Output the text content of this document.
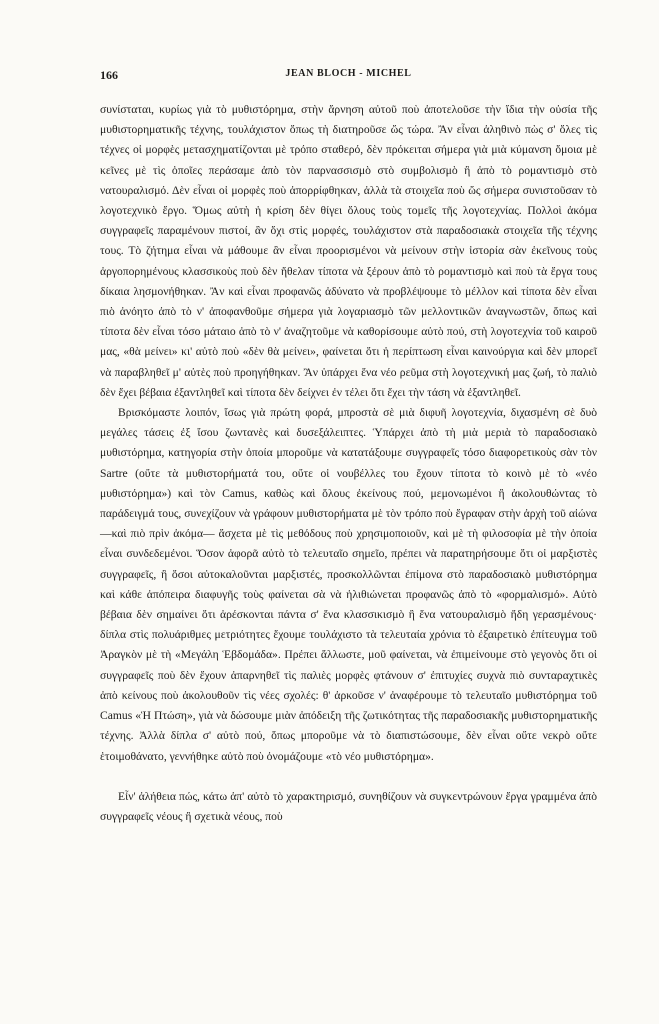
166	JEAN BLOCH - MICHEL

συνίσταται, κυρίως γιὰ τὸ μυθιστόρημα, στὴν ἄρνηση αὐτοῦ ποὺ ἀποτελοῦσε τὴν ἴδια τὴν οὐσία τῆς μυθιστορηματικῆς τέχνης, τουλάχιστον ὅπως τὴ διατηροῦσε ὥς τώρα. Ἂν εἶναι ἀληθινὸ πὼς σ' ὅλες τὶς τέχνες οἱ μορφὲς μετασχηματίζονται μὲ τρόπο σταθερό, δὲν πρόκειται σήμερα γιὰ μιὰ κύμανση ὅμοια μὲ κεῖνες μὲ τὶς ὁποῖες περάσαμε ἀπὸ τὸν παρνασσισμὸ στὸ συμβολισμὸ ἢ ἀπὸ τὸ ρομαντισμὸ στὸ νατουραλισμό. Δὲν εἶναι οἱ μορφὲς ποὺ ἀπορρίφθηκαν, ἀλλὰ τὰ στοιχεῖα ποὺ ὥς σήμερα συνιστοῦσαν τὸ λογοτεχνικὸ ἔργο. Ὅμως αὐτὴ ἡ κρίση δὲν θίγει ὅλους τοὺς τομεῖς τῆς λογοτεχνίας. Πολλοὶ ἀκόμα συγγραφεῖς παραμένουν πιστοί, ἂν ὄχι στὶς μορφές, τουλάχιστον στὰ παραδοσιακὰ στοιχεῖα τῆς τέχνης τους. Τὸ ζήτημα εἶναι νὰ μάθουμε ἂν εἶναι προορισμένοι νὰ μείνουν στὴν ἱστορία σὰν ἐκεῖνους τοὺς ἀργοπορημένους κλασσικοὺς ποὺ δὲν ἤθελαν τίποτα νὰ ξέρουν ἀπὸ τὸ ρομαντισμὸ καὶ ποὺ τὰ ἔργα τους δίκαια λησμονήθηκαν. Ἂν καὶ εἶναι προφανῶς ἀδύνατο νὰ προβλέψουμε τὸ μέλλον καὶ τίποτα δὲν εἶναι πιὸ ἀνόητο ἀπὸ τὸ ν' ἀποφανθοῦμε σήμερα γιὰ λογαριασμὸ τῶν μελλοντικῶν ἀναγνωστῶν, ὅπως καὶ τίποτα δὲν εἶναι τόσο μάταιο ἀπὸ τὸ ν' ἀναζητοῦμε νὰ καθορίσουμε αὐτὸ πού, στὴ λογοτεχνία τοῦ καιροῦ μας, «θὰ μείνει» κι' αὐτὸ ποὺ «δὲν θὰ μείνει», φαίνεται ὅτι ἡ περίπτωση εἶναι καινούργια καὶ δὲν μπορεῖ νὰ παραβληθεῖ μ' αὐτὲς ποὺ προηγήθηκαν. Ἂν ὑπάρχει ἕνα νέο ρεῦμα στὴ λογοτεχνική μας ζωή, τὸ παλιὸ δὲν ἔχει βέβαια ἐξαντληθεῖ καὶ τίποτα δὲν δείχνει ἐν τέλει ὅτι ἔχει τὴν τάση νὰ ἐξαντληθεῖ.

Βρισκόμαστε λοιπόν, ἴσως γιὰ πρώτη φορά, μπροστὰ σὲ μιὰ διφυῆ λογοτεχνία, διχασμένη σὲ δυὸ μεγάλες τάσεις ἐξ ἴσου ζωντανὲς καὶ δυσεξάλειπτες. Ὑπάρχει ἀπὸ τὴ μιὰ μεριὰ τὸ παραδοσιακὸ μυθιστόρημα, κατηγορία στὴν ὁποία μποροῦμε νὰ κατατάξουμε συγγραφεῖς τόσο διαφορετικοὺς σὰν τὸν Sartre (οὔτε τὰ μυθιστορήματά του, οὔτε οἱ νουβέλλες του ἔχουν τίποτα τὸ κοινὸ μὲ τὸ «νέο μυθιστόρημα») καὶ τὸν Camus, καθὼς καὶ ὅλους ἐκείνους πού, μεμονωμένοι ἢ ἀκολουθώντας τὸ παράδειγμά τους, συνεχίζουν νὰ γράφουν μυθιστορήματα μὲ τὸν τρόπο ποὺ ἔγραφαν στὴν ἀρχὴ τοῦ αἰώνα —καὶ πιὸ πρὶν ἀκόμα— ἄσχετα μὲ τὶς μεθόδους ποὺ χρησιμοποιοῦν, καὶ μὲ τὴ φιλοσοφία μὲ τὴν ὁποία εἶναι συνδεδεμένοι. Ὅσον ἀφορᾶ αὐτὸ τὸ τελευταῖο σημεῖο, πρέπει νὰ παρατηρήσουμε ὅτι οἱ μαρξιστὲς συγγραφεῖς, ἢ ὅσοι αὐτοκαλοῦνται μαρξιστές, προσκολλῶνται ἐπίμονα στὸ παραδοσιακὸ μυθιστόρημα καὶ κάθε ἀπόπειρα διαφυγῆς τοὺς φαίνεται σὰ νὰ ἠλιθιώνεται προφανῶς ἀπὸ τὸ «φορμαλισμό». Αὐτὸ βέβαια δὲν σημαίνει ὅτι ἀρέσκονται πάντα σ' ἕνα κλασσικισμὸ ἢ ἕνα νατουραλισμὸ ἤδη γερασμένους· δίπλα στὶς πολυάριθμες μετριότητες ἔχουμε τουλάχιστο τὰ τελευταία χρόνια τὸ ἐξαιρετικὸ ἐπίτευγμα τοῦ Ἀραγκὸν μὲ τὴ «Μεγάλη Ἑβδομάδα». Πρέπει ἄλλωστε, μοῦ φαίνεται, νὰ ἐπιμείνουμε στὸ γεγονὸς ὅτι οἱ συγγραφεῖς ποὺ δὲν ἔχουν ἀπαρνηθεῖ τὶς παλιὲς μορφὲς φτάνουν σ' ἐπιτυχίες συχνὰ πιὸ συνταραχτικὲς ἀπὸ κείνους ποὺ ἀκολουθοῦν τὶς νέες σχολές: θ' ἀρκοῦσε ν' ἀναφέρουμε τὸ τελευταῖο μυθιστόρημα τοῦ Camus «Ἡ Πτώση», γιὰ νὰ δώσουμε μιὰν ἀπόδειξη τῆς ζωτικότητας τῆς παραδοσιακῆς μυθιστορηματικῆς τέχνης. Ἀλλὰ δίπλα σ' αὐτὸ πού, ὅπως μποροῦμε νὰ τὸ διαπιστώσουμε, δὲν εἶναι οὔτε νεκρὸ οὔτε ἑτοιμοθάνατο, γεννήθηκε αὐτὸ ποὺ ὀνομάζουμε «τὸ νέο μυθιστόρημα».

Εἶν' ἀλήθεια πώς, κάτω ἀπ' αὐτὸ τὸ χαρακτηρισμό, συνηθίζουν νὰ συγκεντρώνουν ἔργα γραμμένα ἀπὸ συγγραφεῖς νέους ἢ σχετικὰ νέους, ποὺ
